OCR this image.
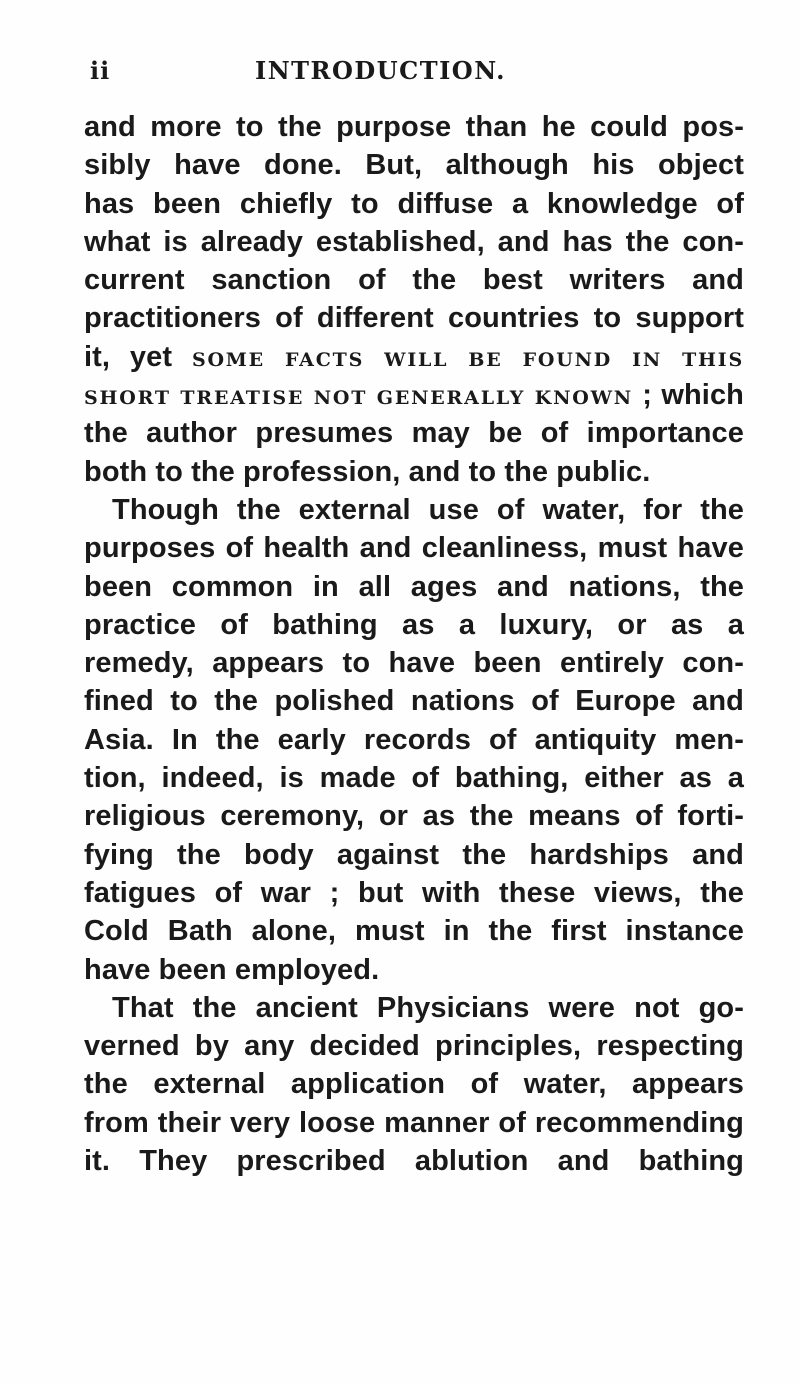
ii	INTRODUCTION.
and more to the purpose than he could pos-
sibly have done. But, although his object
has been chiefly to diffuse a knowledge of
what is already established, and has the con-
current sanction of the best writers and
practitioners of different countries to support
it, yet SOME FACTS WILL BE FOUND IN THIS
SHORT TREATISE NOT GENERALLY KNOWN ; which
the author presumes may be of importance
both to the profession, and to the public.
Though the external use of water, for the
purposes of health and cleanliness, must have
been common in all ages and nations, the
practice of bathing as a luxury, or as a
remedy, appears to have been entirely con-
fined to the polished nations of Europe and
Asia. In the early records of antiquity men-
tion, indeed, is made of bathing, either as a
religious ceremony, or as the means of forti-
fying the body against the hardships and
fatigues of war ; but with these views, the
Cold Bath alone, must in the first instance
have been employed.
That the ancient Physicians were not go-
verned by any decided principles, respecting
the external application of water, appears
from their very loose manner of recommending
it. They prescribed ablution and bathing
